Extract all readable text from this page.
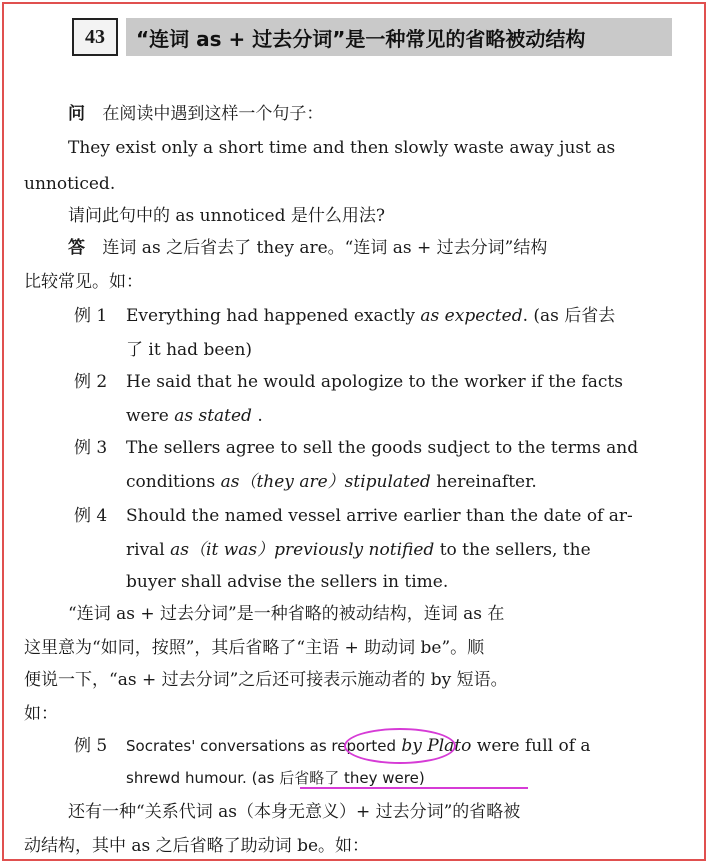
43	“连词 as + 过去分词”是一种常见的省略被动结构
问 在阅读中遇到这样一个句子：
They exist only a short time and then slowly waste away just as
unnoticed.
请问此句中的 as unnoticed 是什么用法?
答 连词 as 之后省去了 they are。“连词 as + 过去分词”结构
比较常见。如：
例 1 Everything had happened exactly as expected. (as 后省去
了 it had been)
例 2 He said that he would apologize to the worker if the facts
were as stated .
例 3 The sellers agree to sell the goods sudject to the terms and
conditions as（they are）stipulated hereinafter.
例 4 Should the named vessel arrive earlier than the date of ar-
rival as（it was）previously notified to the sellers, the
buyer shall advise the sellers in time.
“连词 as + 过去分词”是一种省略的被动结构，连词 as 在
这里意为“如同，按照”，其后省略了“主语 + 助动词 be”。顺
便说一下，“as + 过去分词”之后还可接表示施动者的 by 短语。
如：
例 5 Socrates' conversations as reported by Plato were full of a
shrewd humour. (as 后省略了 they were)
还有一种“关系代词 as（本身无意义）+ 过去分词”的省略被
动结构，其中 as 之后省略了助动词 be。如：
